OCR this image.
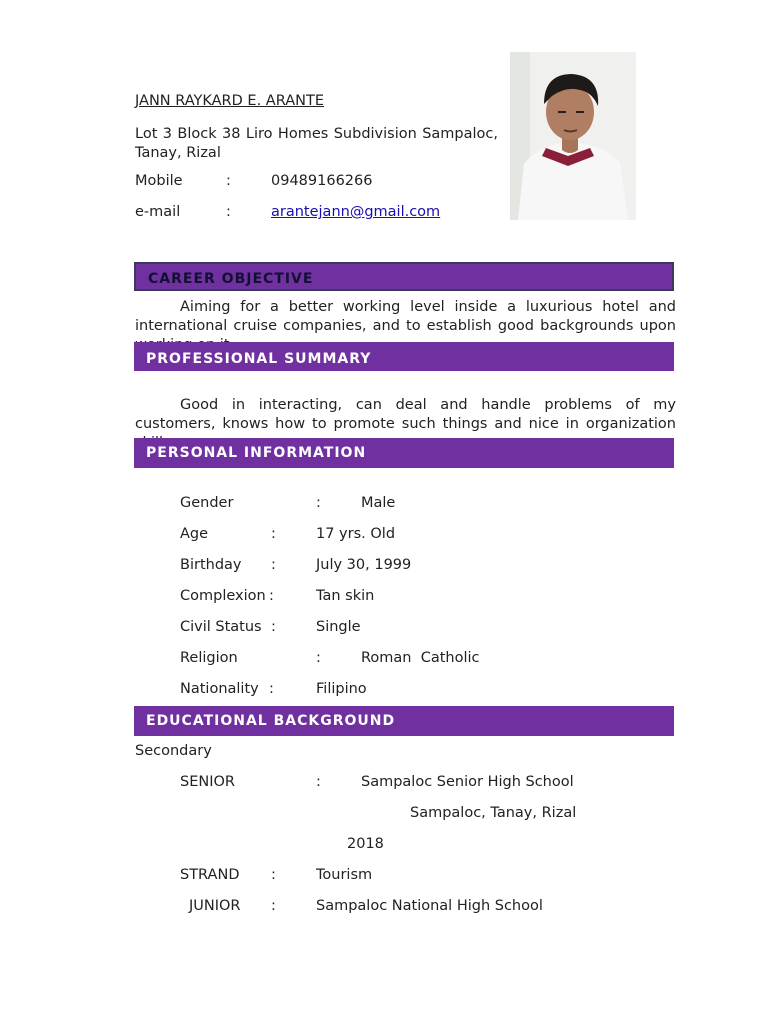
JANN RAYKARD E. ARANTE
Lot 3 Block 38 Liro Homes Subdivision Sampaloc, Tanay, Rizal
Mobile	:	09489166266
e-mail	:	arantejann@gmail.com
CAREER OBJECTIVE
Aiming for a better working level inside a luxurious hotel and international cruise companies, and to establish good backgrounds upon
PROFESSIONAL SUMMARY
Good in interacting, can deal and handle problems of my customers, knows how to promote such things and nice in organization
PERSONAL INFORMATION
Gender	:	Male
Age	:	17 yrs. Old
Birthday :	July 30, 1999
Complexion :	Tan skin
Civil Status :	Single
Religion	:	Roman  Catholic
Nationality :	Filipino
EDUCATIONAL BACKGROUND
Secondary
SENIOR	:	Sampaloc Senior High School
Sampaloc, Tanay, Rizal
2018
STRAND :	Tourism
JUNIOR :	Sampaloc National High School
